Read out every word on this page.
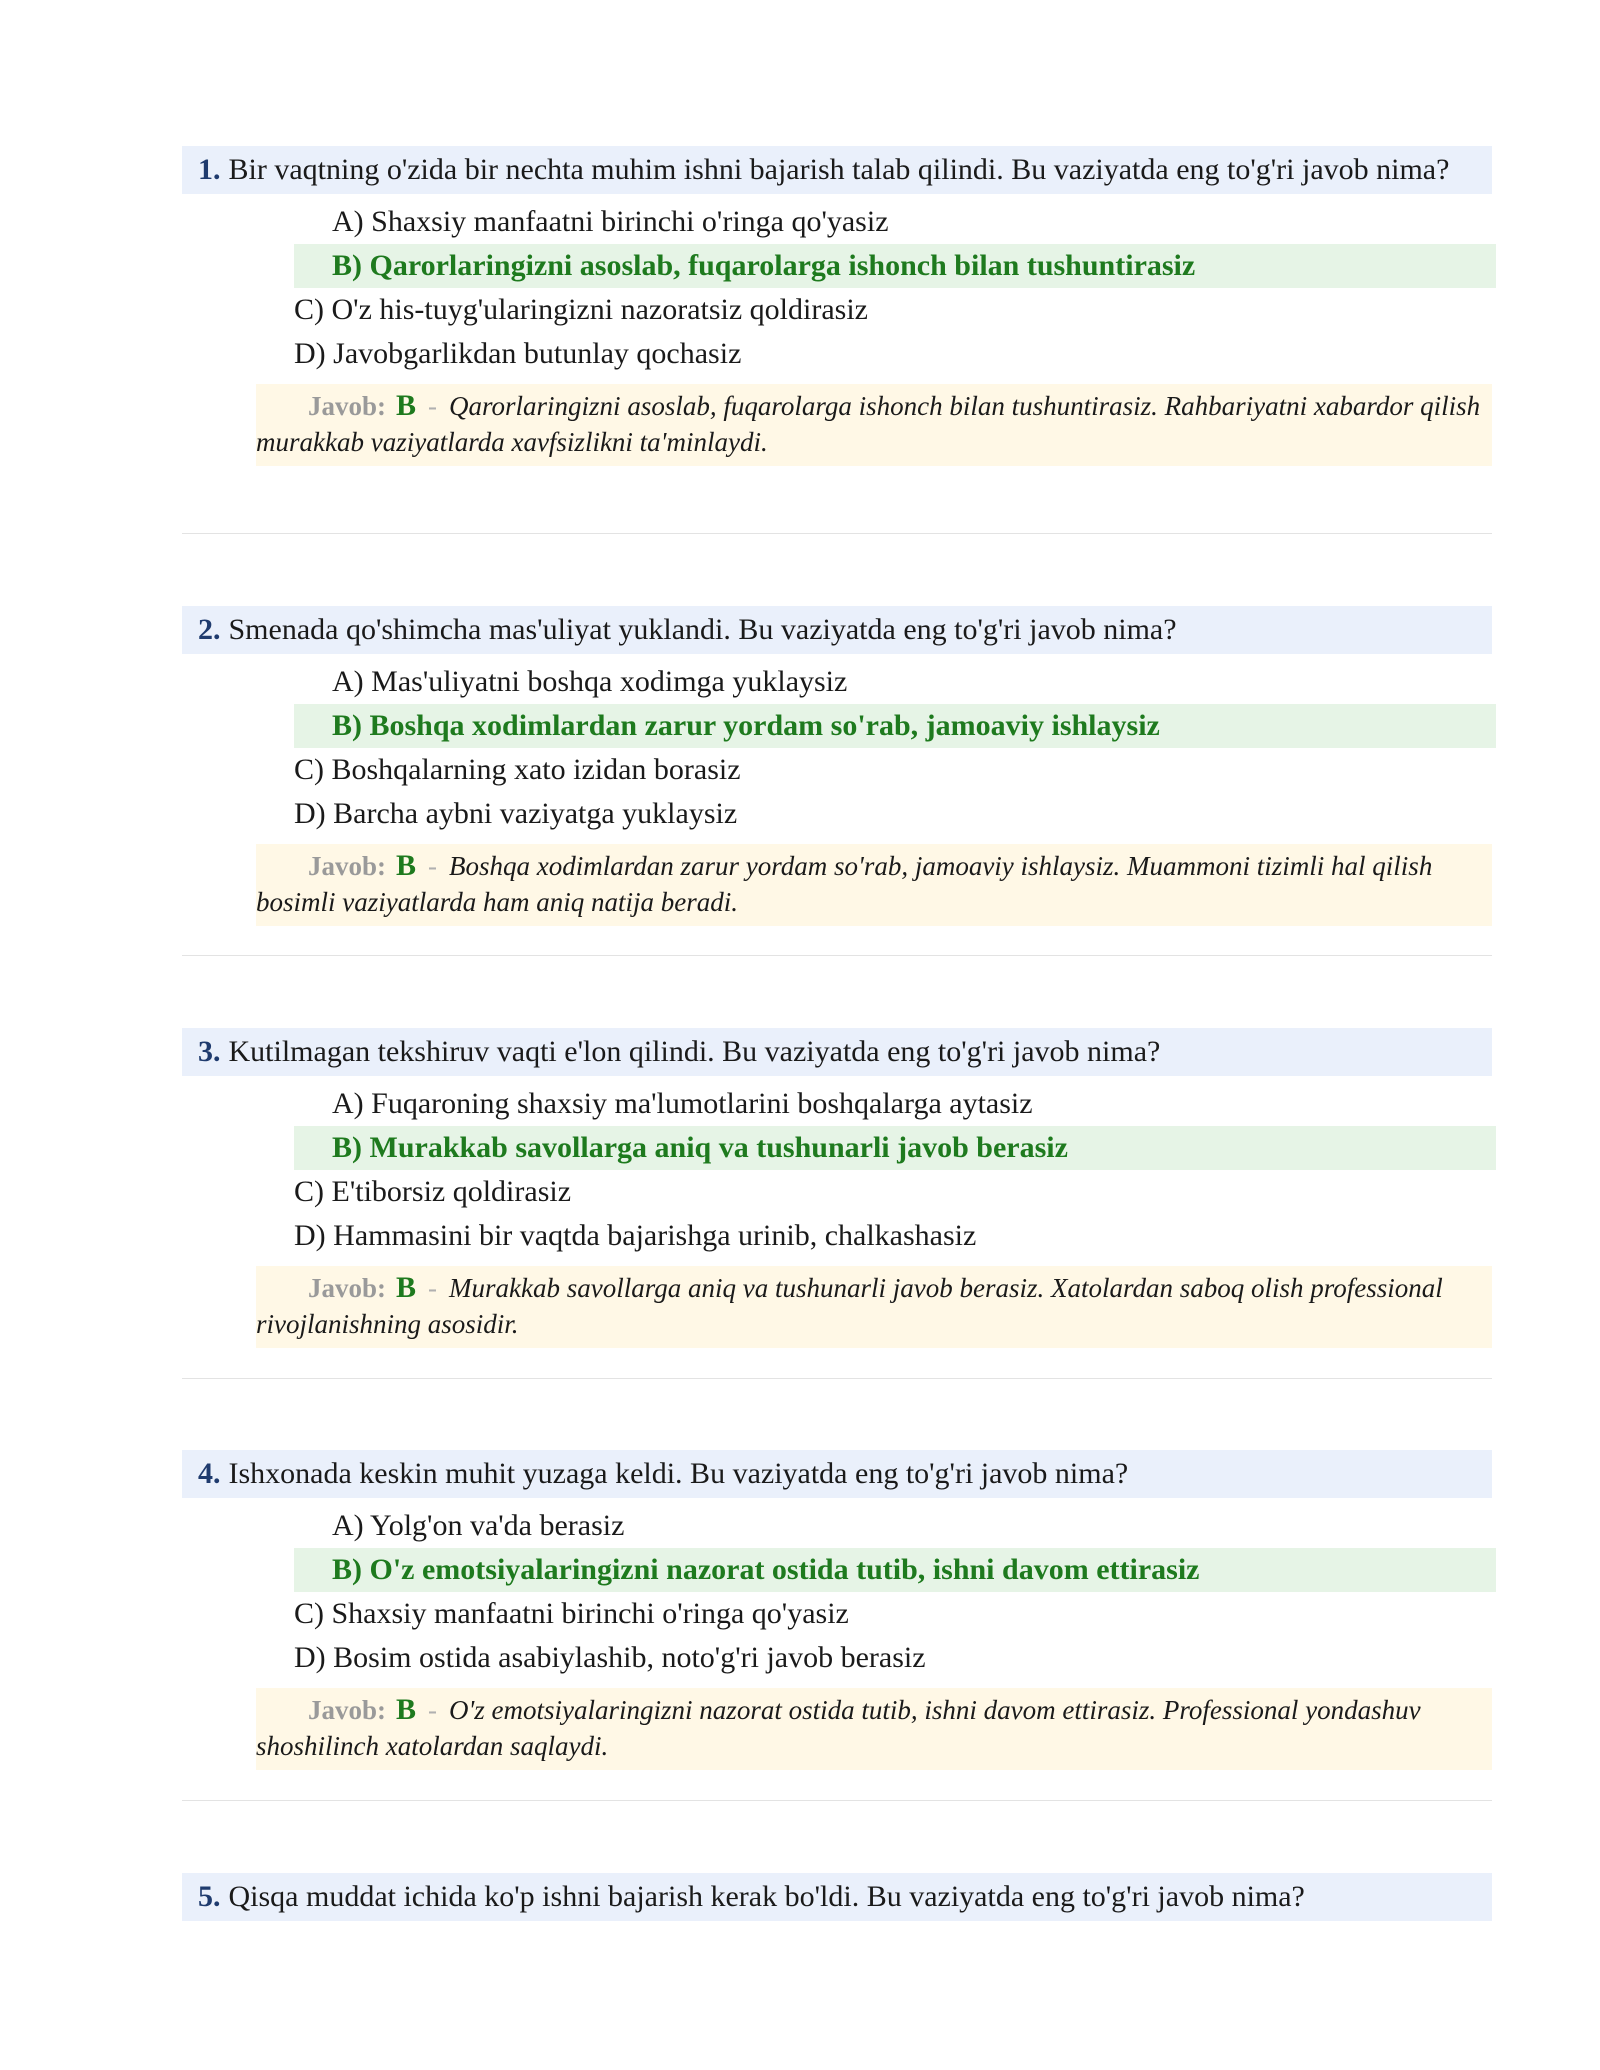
1. Bir vaqtning o'zida bir nechta muhim ishni bajarish talab qilindi. Bu vaziyatda eng to'g'ri javob nima?
A) Shaxsiy manfaatni birinchi o'ringa qo'yasiz
B) Qarorlaringizni asoslab, fuqarolarga ishonch bilan tushuntirasiz
C) O'z his-tuyg'ularingizni nazoratsiz qoldirasiz
D) Javobgarlikdan butunlay qochasiz
Javob: B - Qarorlaringizni asoslab, fuqarolarga ishonch bilan tushuntirasiz. Rahbariyatni xabardor qilish murakkab vaziyatlarda xavfsizlikni ta'minlaydi.
2. Smenada qo'shimcha mas'uliyat yuklandi. Bu vaziyatda eng to'g'ri javob nima?
A) Mas'uliyatni boshqa xodimga yuklaysiz
B) Boshqa xodimlardan zarur yordam so'rab, jamoaviy ishlaysiz
C) Boshqalarning xato izidan borasiz
D) Barcha aybni vaziyatga yuklaysiz
Javob: B - Boshqa xodimlardan zarur yordam so'rab, jamoaviy ishlaysiz. Muammoni tizimli hal qilish bosimli vaziyatlarda ham aniq natija beradi.
3. Kutilmagan tekshiruv vaqti e'lon qilindi. Bu vaziyatda eng to'g'ri javob nima?
A) Fuqaroning shaxsiy ma'lumotlarini boshqalarga aytasiz
B) Murakkab savollarga aniq va tushunarli javob berasiz
C) E'tiborsiz qoldirasiz
D) Hammasini bir vaqtda bajarishga urinib, chalkashasiz
Javob: B - Murakkab savollarga aniq va tushunarli javob berasiz. Xatolardan saboq olish professional rivojlanishning asosidir.
4. Ishxonada keskin muhit yuzaga keldi. Bu vaziyatda eng to'g'ri javob nima?
A) Yolg'on va'da berasiz
B) O'z emotsiyalaringizni nazorat ostida tutib, ishni davom ettirasiz
C) Shaxsiy manfaatni birinchi o'ringa qo'yasiz
D) Bosim ostida asabiylashib, noto'g'ri javob berasiz
Javob: B - O'z emotsiyalaringizni nazorat ostida tutib, ishni davom ettirasiz. Professional yondashuv shoshilinch xatolardan saqlaydi.
5. Qisqa muddat ichida ko'p ishni bajarish kerak bo'ldi. Bu vaziyatda eng to'g'ri javob nima?
